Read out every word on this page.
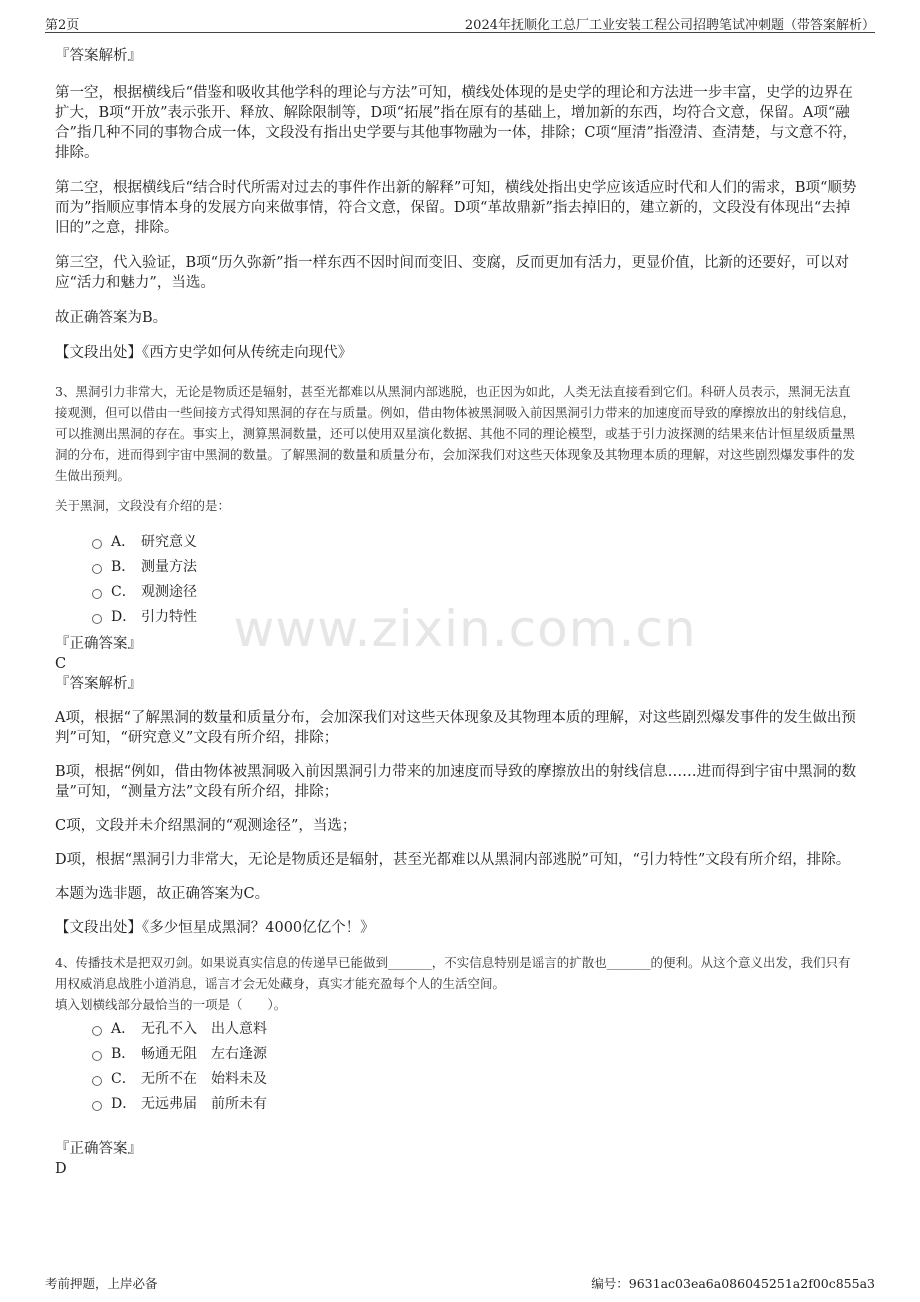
第2页	2024年抚顺化工总厂工业安装工程公司招聘笔试冲刺题（带答案解析）
www.zixin.com.cn
『答案解析』
第一空，根据横线后“借鉴和吸收其他学科的理论与方法”可知，横线处体现的是史学的理论和方法进一步丰富，史学的边界在扩大，B项“开放”表示张开、释放、解除限制等，D项“拓展”指在原有的基础上，增加新的东西，均符合文意，保留。A项“融合”指几种不同的事物合成一体，文段没有指出史学要与其他事物融为一体，排除；C项“厘清”指澄清、查清楚，与文意不符，排除。
第二空，根据横线后“结合时代所需对过去的事件作出新的解释”可知，横线处指出史学应该适应时代和人们的需求，B项“顺势而为”指顺应事情本身的发展方向来做事情，符合文意，保留。D项“革故鼎新”指去掉旧的，建立新的，文段没有体现出“去掉旧的”之意，排除。
第三空，代入验证，B项“历久弥新”指一样东西不因时间而变旧、变腐，反而更加有活力，更显价值，比新的还要好，可以对应“活力和魅力”，当选。
故正确答案为B。
【文段出处】《西方史学如何从传统走向现代》
3、黑洞引力非常大，无论是物质还是辐射，甚至光都难以从黑洞内部逃脱，也正因为如此，人类无法直接看到它们。科研人员表示，黑洞无法直接观测，但可以借由一些间接方式得知黑洞的存在与质量。例如，借由物体被黑洞吸入前因黑洞引力带来的加速度而导致的摩擦放出的射线信息，可以推测出黑洞的存在。事实上，测算黑洞数量，还可以使用双星演化数据、其他不同的理论模型，或基于引力波探测的结果来估计恒星级质量黑洞的分布，进而得到宇宙中黑洞的数量。了解黑洞的数量和质量分布，会加深我们对这些天体现象及其物理本质的理解，对这些剧烈爆发事件的发生做出预判。
关于黑洞，文段没有介绍的是：
A． 研究意义
B． 测量方法
C． 观测途径
D． 引力特性
『正确答案』
C
『答案解析』
A项，根据“了解黑洞的数量和质量分布，会加深我们对这些天体现象及其物理本质的理解，对这些剧烈爆发事件的发生做出预判”可知，“研究意义”文段有所介绍，排除；
B项，根据“例如，借由物体被黑洞吸入前因黑洞引力带来的加速度而导致的摩擦放出的射线信息……进而得到宇宙中黑洞的数量”可知，“测量方法”文段有所介绍，排除；
C项，文段并未介绍黑洞的“观测途径”，当选；
D项，根据“黑洞引力非常大，无论是物质还是辐射，甚至光都难以从黑洞内部逃脱”可知，“引力特性”文段有所介绍，排除。
本题为选非题，故正确答案为C。
【文段出处】《多少恒星成黑洞？4000亿亿个！》
4、传播技术是把双刃剑。如果说真实信息的传递早已能做到_______，不实信息特别是谣言的扩散也_______的便利。从这个意义出发，我们只有用权威消息战胜小道消息，谣言才会无处藏身，真实才能充盈每个人的生活空间。
填入划横线部分最恰当的一项是（　　）。
A． 无孔不入 出人意料
B． 畅通无阻 左右逢源
C． 无所不在 始料未及
D． 无远弗届 前所未有
『正确答案』
D
考前押题，上岸必备	编号：9631ac03ea6a086045251a2f00c855a3
